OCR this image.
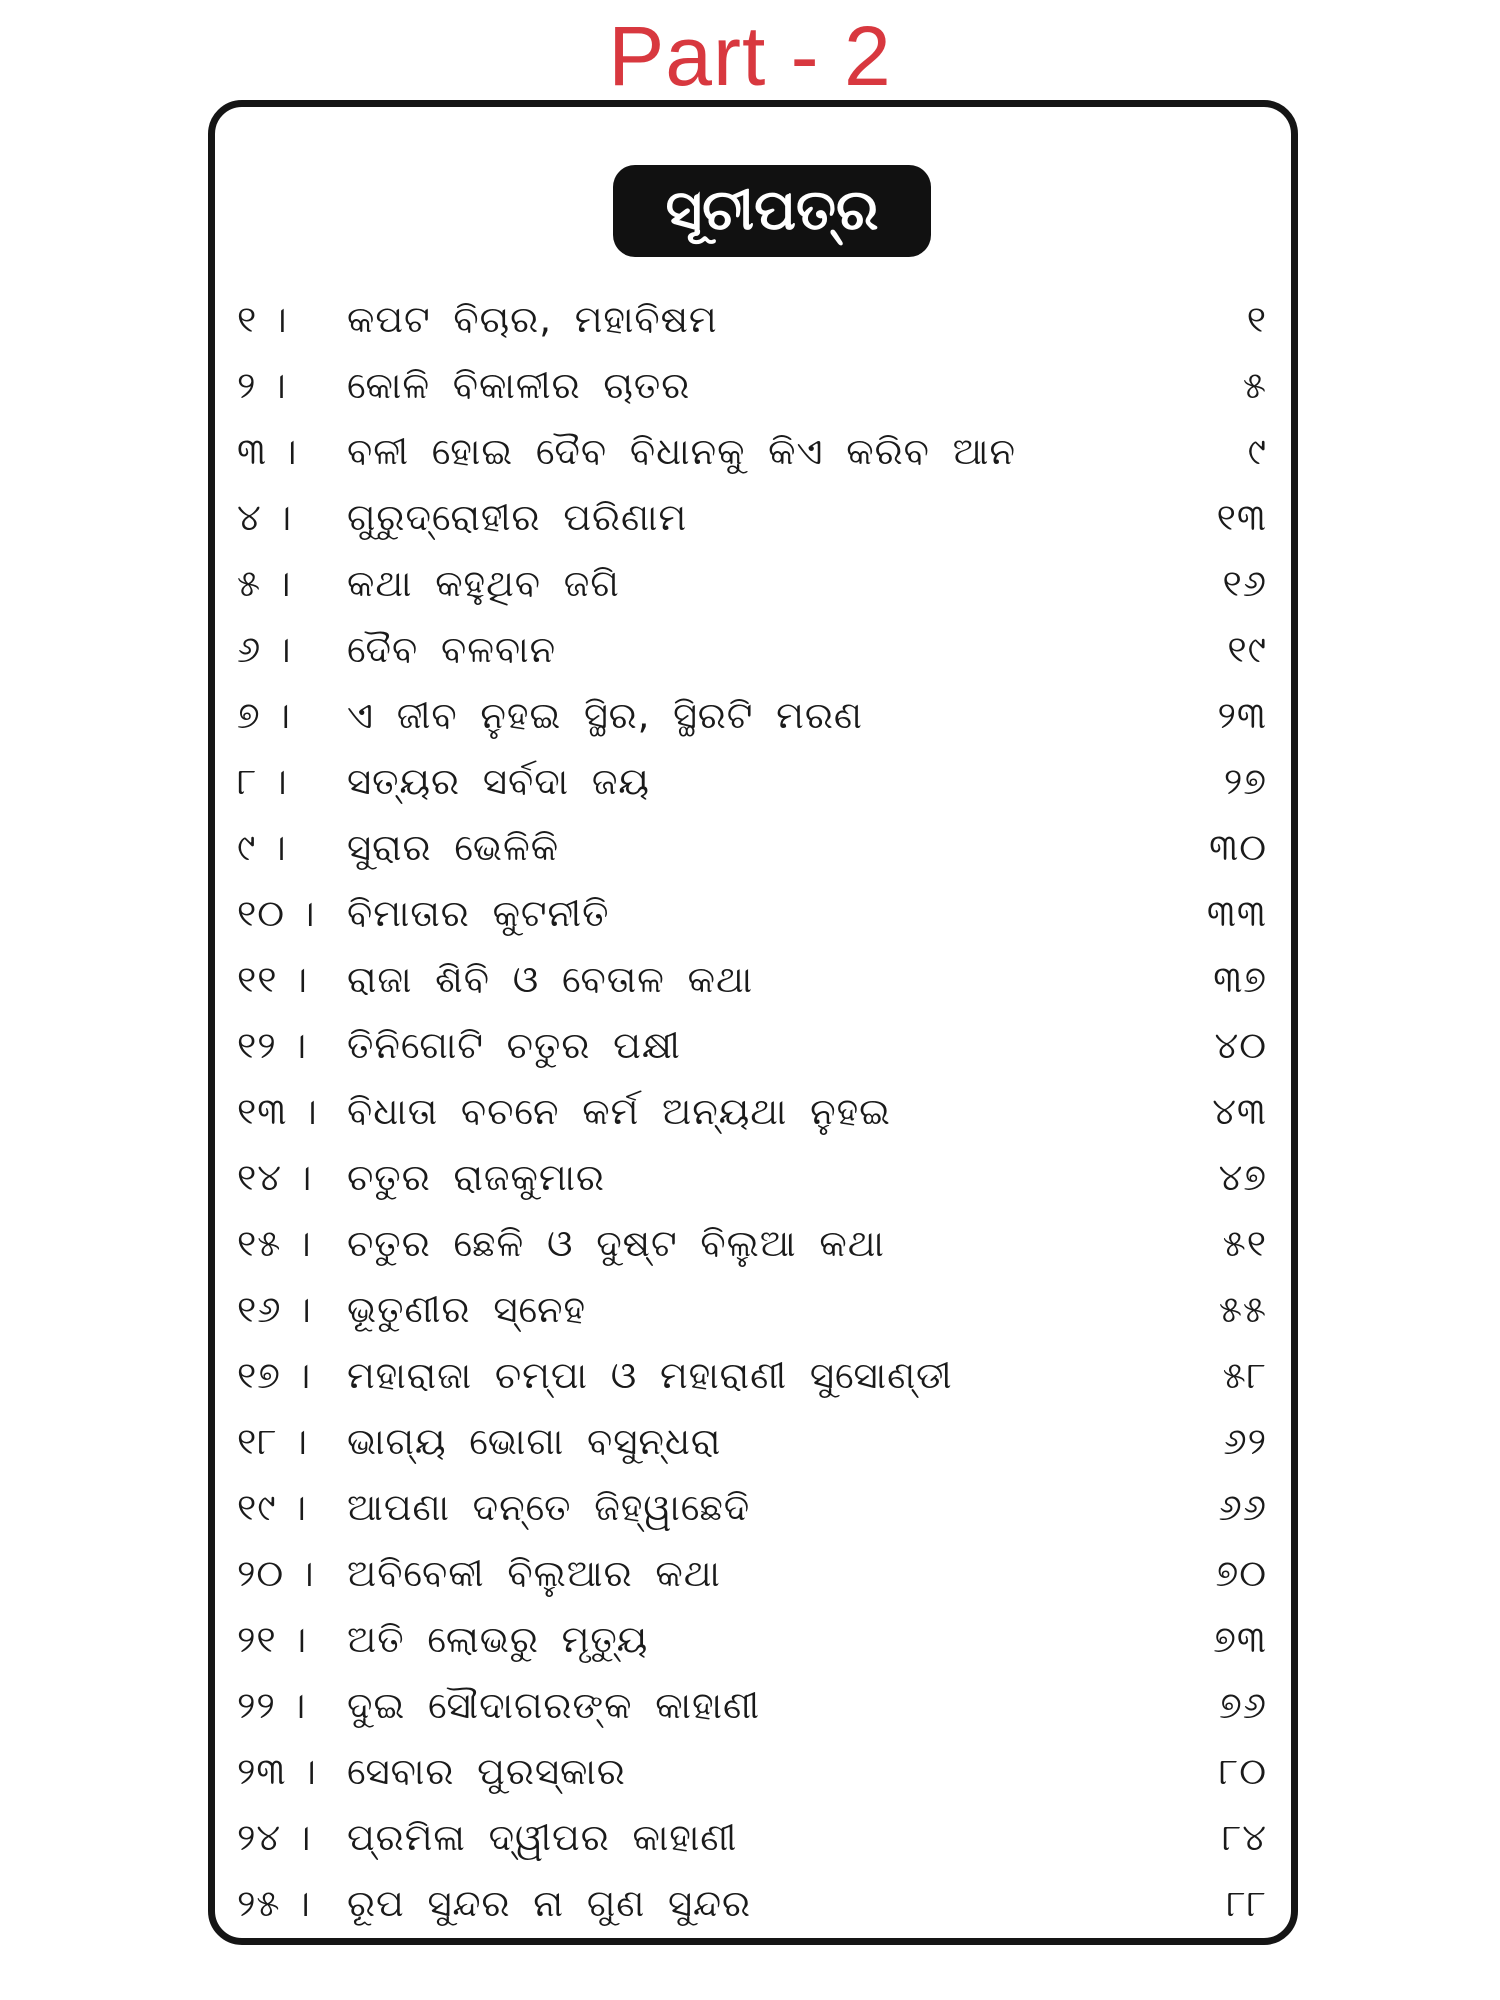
Part - 2
ସୂଚୀପତ୍ର
୧ ।	କପଟ ବିଚାର, ମହାବିଷମ	୧
୨ ।	କୋଳି ବିକାଳୀର ଚାତର	୫
୩ ।	ବଳୀ ହୋଇ ଦୈବ ବିଧାନକୁ କିଏ କରିବ ଆନ	୯
୪ ।	ଗୁରୁଦ୍ରୋହୀର ପରିଣାମ	୧୩
୫ ।	କଥା କହୁଥିବ ଜଗି	୧୬
୬ ।	ଦୈବ ବଳବାନ	୧୯
୭ ।	ଏ ଜୀବ ନୁହଇ ସ୍ଥିର, ସ୍ଥିରଟି ମରଣ	୨୩
୮ ।	ସତ୍ୟର ସର୍ବଦା ଜୟ	୨୭
୯ ।	ସୁରାର ଭେଳିକି	୩୦
୧୦ । ବିମାତାର କୁଟନୀତି	୩୩
୧୧ ।	ରାଜା ଶିବି ଓ ବେତାଳ କଥା	୩୭
୧୨ ।	ତିନିଗୋଟି ଚତୁର ପକ୍ଷୀ	୪୦
୧୩ । ବିଧାତା ବଚନେ କର୍ମ ଅନ୍ୟଥା ନୁହଇ	୪୩
୧୪ । ଚତୁର ରାଜକୁମାର	୪୭
୧୫ । ଚତୁର ଛେଳି ଓ ଦୁଷ୍ଟ ବିଲୁଆ କଥା	୫୧
୧୬ । ଭୂତୁଣୀର ସ୍ନେହ	୫୫
୧୭ । ମହାରାଜା ଚମ୍ପା ଓ ମହାରାଣୀ ସୁସୋଣ୍ଡୀ	୫୮
୧୮ ।	ଭାଗ୍ୟ ଭୋଗା ବସୁନ୍ଧରା	୬୨
୧୯ ।	ଆପଣା ଦନ୍ତେ ଜିହ୍ୱାଛେଦି	୬୬
୨୦ । ଅବିବେକୀ ବିଲୁଆର କଥା	୭୦
୨୧ ।	ଅତି ଲୋଭରୁ ମୃତ୍ୟୁ	୭୩
୨୨ ।	ଦୁଇ ସୌଦାଗରଙ୍କ କାହାଣୀ	୭୬
୨୩ । ସେବାର ପୁରସ୍କାର	୮୦
୨୪ । ପ୍ରମିଳା ଦ୍ୱୀପର କାହାଣୀ	୮୪
୨୫ । ରୂପ ସୁନ୍ଦର ନା ଗୁଣ ସୁନ୍ଦର	୮୮
